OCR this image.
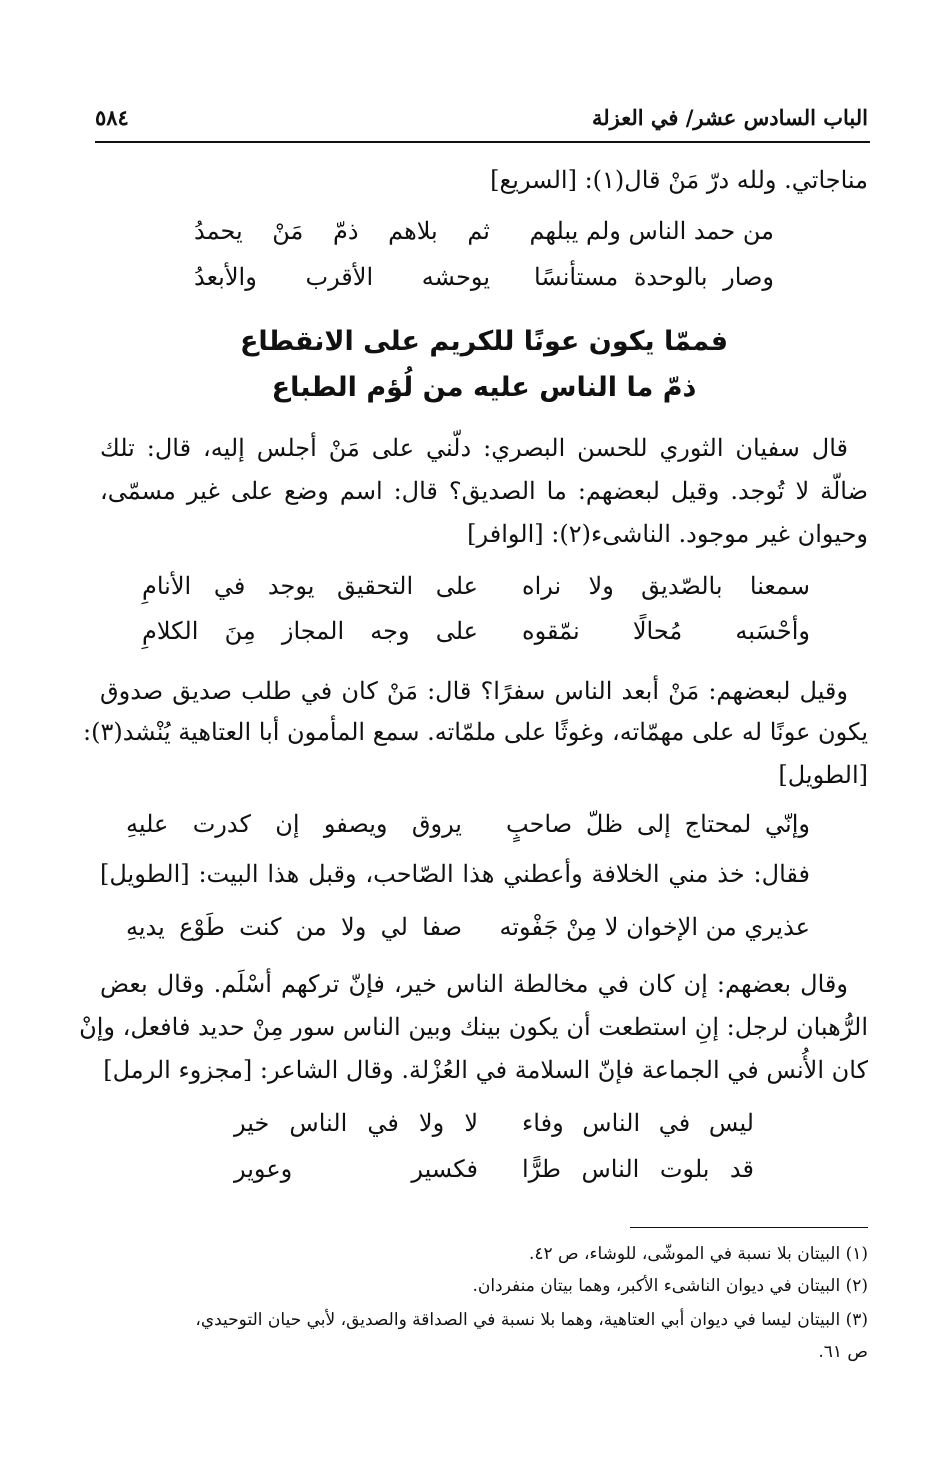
الباب السادس عشر/ في العزلة
٥٨٤
مناجاتي. ولله درّ مَنْ قال(١): [السريع]
من حمد الناس ولم يبلهم
ثم بلاهم ذمّ مَنْ يحمدُ
وصار بالوحدة مستأنسًا
يوحشه الأقرب والأبعدُ
فممّا يكون عونًا للكريم على الانقطاع
ذمّ ما الناس عليه من لُؤم الطباع
قال سفيان الثوري للحسن البصري: دلّني على مَنْ أجلس إليه، قال: تلك
ضالّة لا تُوجد. وقيل لبعضهم: ما الصديق؟ قال: اسم وضع على غير مسمّى،
وحيوان غير موجود. الناشىء(٢): [الوافر]
سمعنا بالصّديق ولا نراه
على التحقيق يوجد في الأنامِ
وأحْسَبه مُحالًا نمّقوه
على وجه المجاز مِنَ الكلامِ
وقيل لبعضهم: مَنْ أبعد الناس سفرًا؟ قال: مَنْ كان في طلب صديق صدوق
يكون عونًا له على مهمّاته، وغوثًا على ملمّاته. سمع المأمون أبا العتاهية يُنْشد(٣):
[الطويل]
وإنّي لمحتاج إلى ظلّ صاحبٍ
يروق ويصفو إن كدرت عليهِ
فقال: خذ مني الخلافة وأعطني هذا الصّاحب، وقبل هذا البيت: [الطويل]
عذيري من الإخوان لا مِنْ جَفْوته
صفا لي ولا من كنت طَوْع يديهِ
وقال بعضهم: إن كان في مخالطة الناس خير، فإنّ تركهم أسْلَم. وقال بعض
الرُّهبان لرجل: إنِ استطعت أن يكون بينك وبين الناس سور مِنْ حديد فافعل، وإنْ
كان الأُنس في الجماعة فإنّ السلامة في العُزْلة. وقال الشاعر: [مجزوء الرمل]
ليس في الناس وفاء
لا ولا في الناس خير
قد بلوت الناس طرًّا
فكسير وعوير
(١) البيتان بلا نسبة في الموشّى، للوشاء، ص ٤٢.
(٢) البيتان في ديوان الناشىء الأكبر، وهما بيتان منفردان.
(٣) البيتان ليسا في ديوان أبي العتاهية، وهما بلا نسبة في الصداقة والصديق، لأبي حيان التوحيدي،
ص ٦١.
